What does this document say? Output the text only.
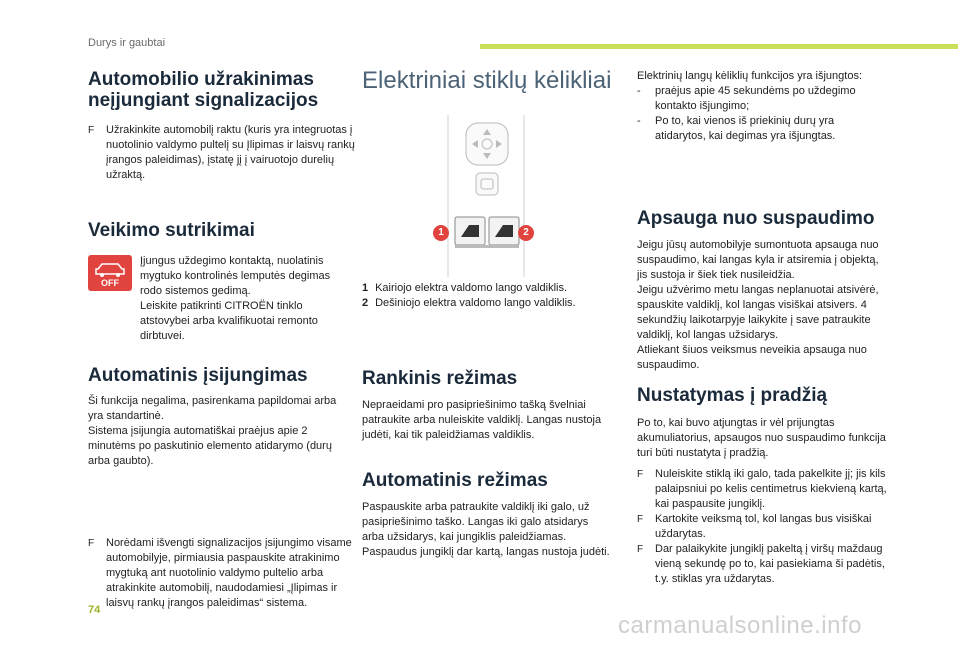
Durys ir gaubtai
Automobilio užrakinimas neįjungiant signalizacijos
F Užrakinkite automobilį raktu (kuris yra integruotas į nuotolinio valdymo pultelį su Įlipimas ir laisvų rankų įrangos paleidimas), įstatę jį į vairuotojo durelių užraktą.
Veikimo sutrikimai
OFF
Įjungus uždegimo kontaktą, nuolatinis mygtuko kontrolinės lemputės degimas rodo sistemos gedimą.
Leiskite patikrinti CITROËN tinklo atstovybei arba kvalifikuotai remonto dirbtuvei.
Automatinis įsijungimas
Ši funkcija negalima, pasirenkama papildomai arba yra standartinė.
Sistema įsijungia automatiškai praėjus apie 2 minutėms po paskutinio elemento atidarymo (durų arba gaubto).
F Norėdami išvengti signalizacijos įsijungimo visame automobilyje, pirmiausia paspauskite atrakinimo mygtuką ant nuotolinio valdymo pultelio arba atrakinkite automobilį, naudodamiesi „Įlipimas ir laisvų rankų įrangos paleidimas“ sistema.
Elektriniai stiklų kėlikliai
1	2
1 Kairiojo elektra valdomo lango valdiklis.
2 Dešiniojo elektra valdomo lango valdiklis.
Rankinis režimas
Nepraeidami pro pasipriešinimo tašką švelniai patraukite arba nuleiskite valdiklį. Langas nustoja judėti, kai tik paleidžiamas valdiklis.
Automatinis režimas
Paspauskite arba patraukite valdiklį iki galo, už pasipriešinimo taško. Langas iki galo atsidarys arba užsidarys, kai jungiklis paleidžiamas.
Paspaudus jungiklį dar kartą, langas nustoja judėti.
Elektrinių langų kėliklių funkcijos yra išjungtos:
- praėjus apie 45 sekundėms po uždegimo kontakto išjungimo;
- Po to, kai vienos iš priekinių durų yra atidarytos, kai degimas yra išjungtas.
Apsauga nuo suspaudimo
Jeigu jūsų automobilyje sumontuota apsauga nuo suspaudimo, kai langas kyla ir atsiremia į objektą, jis sustoja ir šiek tiek nusileidžia.
Jeigu užvėrimo metu langas neplanuotai atsivėrė, spauskite valdiklį, kol langas visiškai atsivers. 4 sekundžių laikotarpyje laikykite į save patraukite valdiklį, kol langas užsidarys.
Atliekant šiuos veiksmus neveikia apsauga nuo suspaudimo.
Nustatymas į pradžią
Po to, kai buvo atjungtas ir vėl prijungtas akumuliatorius, apsaugos nuo suspaudimo funkcija turi būti nustatyta į pradžią.
F Nuleiskite stiklą iki galo, tada pakelkite jį; jis kils palaipsniui po kelis centimetrus kiekvieną kartą, kai paspausite jungiklį.
F Kartokite veiksmą tol, kol langas bus visiškai uždarytas.
F Dar palaikykite jungiklį pakeltą į viršų maždaug vieną sekundę po to, kai pasiekiama ši padėtis, t.y. stiklas yra uždarytas.
74
carmanualsonline.info
